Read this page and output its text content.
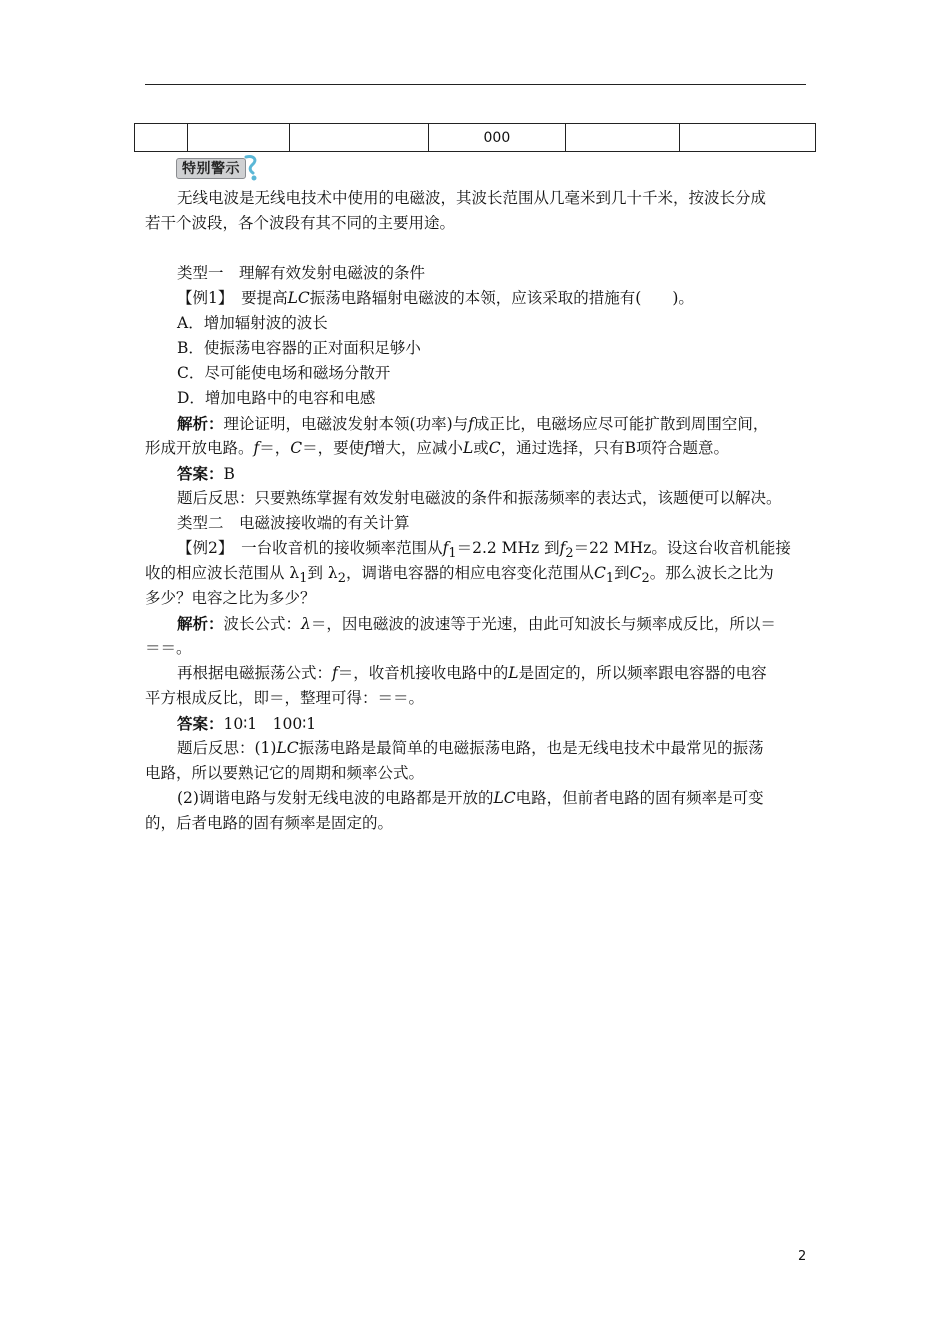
			000		
特别警示
无线电波是无线电技术中使用的电磁波，其波长范围从几毫米到几十千米，按波长分成
若干个波段，各个波段有其不同的主要用途。
类型一　理解有效发射电磁波的条件
【例1】　要提高LC振荡电路辐射电磁波的本领，应该采取的措施有(　　)。
A．增加辐射波的波长
B．使振荡电容器的正对面积足够小
C．尽可能使电场和磁场分散开
D．增加电路中的电容和电感
解析：理论证明，电磁波发射本领(功率)与f成正比，电磁场应尽可能扩散到周围空间，
形成开放电路。f＝，C＝，要使f增大，应减小L或C，通过选择，只有B项符合题意。
答案：B
题后反思：只要熟练掌握有效发射电磁波的条件和振荡频率的表达式，该题便可以解决。
类型二　电磁波接收端的有关计算
【例2】　一台收音机的接收频率范围从$f_1=2.2$ MHz 到$f_2=22$ MHz。设这台收音机能接
收的相应波长范围从 $\lambda_1$到 $\lambda_2$，调谐电容器的相应电容变化范围从$C_1$到$C_2$。那么波长之比为
多少？电容之比为多少？
解析：波长公式：λ＝，因电磁波的波速等于光速，由此可知波长与频率成反比，所以＝
＝＝。
再根据电磁振荡公式：f＝，收音机接收电路中的L是固定的，所以频率跟电容器的电容
平方根成反比，即＝，整理可得：＝＝。
答案：10∶1　100∶1
题后反思：(1)LC振荡电路是最简单的电磁振荡电路，也是无线电技术中最常见的振荡
电路，所以要熟记它的周期和频率公式。
(2)调谐电路与发射无线电波的电路都是开放的LC电路，但前者电路的固有频率是可变
的，后者电路的固有频率是固定的。
2
